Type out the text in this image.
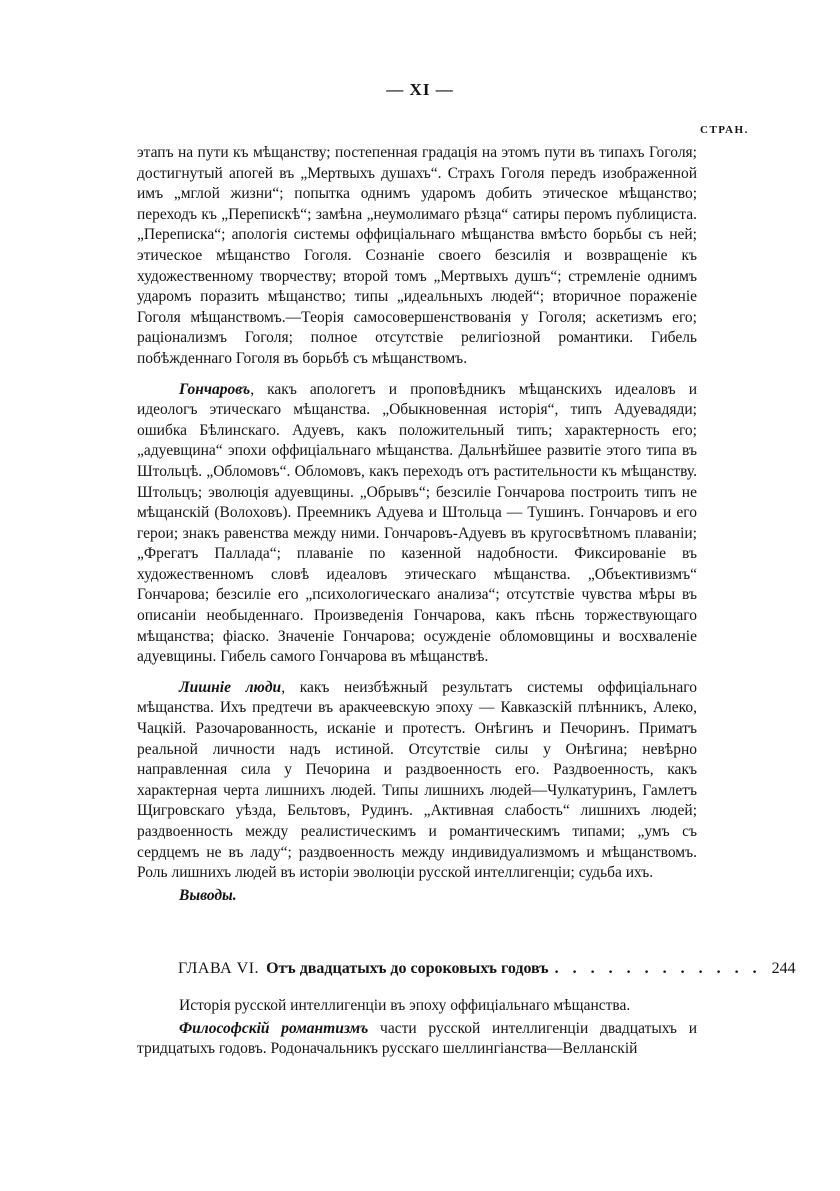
— XI —
СТРАН.

этапъ на пути къ мѣщанству; постепенная градація на этомъ пути въ типахъ Гоголя; достигнутый апогей въ „Мертвыхъ душахъ“. Страхъ Гоголя передъ изображенной имъ „мглой жизни“; попытка однимъ ударомъ добить этическое мѣщанство; переходъ къ „Перепискѣ“; замѣна „неумолимаго рѣзца“ сатиры перомъ публициста. „Переписка“; апологія системы оффиціальнаго мѣщанства вмѣсто борьбы съ ней; этическое мѣщанство Гоголя. Сознаніе своего безсилія и возвращеніе къ художественному творчеству; второй томъ „Мертвыхъ душъ“; стремленіе однимъ ударомъ поразить мѣщанство; типы „идеальныхъ людей“; вторичное пораженіе Гоголя мѣщанствомъ.—Теорія самосовершенствованія у Гоголя; аскетизмъ его; раціонализмъ Гоголя; полное отсутствіе религіозной романтики. Гибель побѣжденнаго Гоголя въ борьбѣ съ мѣщанствомъ.

Гончаровъ, какъ апологетъ и проповѣдникъ мѣщанскихъ идеаловъ и идеологъ этическаго мѣщанства. „Обыкновенная исторія“, типъ Адуевадяди; ошибка Бѣлинскаго. Адуевъ, какъ положительный типъ; характерность его; „адуевщина“ эпохи оффиціальнаго мѣщанства. Дальнѣйшее развитіе этого типа въ Штольцѣ. „Обломовъ“. Обломовъ, какъ переходъ отъ растительности къ мѣщанству. Штольцъ; эволюція адуевщины. „Обрывъ“; безсиліе Гончарова построить типъ не мѣщанскій (Волоховъ). Преемникъ Адуева и Штольца — Тушинъ. Гончаровъ и его герои; знакъ равенства между ними. Гончаровъ-Адуевъ въ кругосвѣтномъ плаваніи; „Фрегатъ Паллада“; плаваніе по казенной надобности. Фиксированіе въ художественномъ словѣ идеаловъ этическаго мѣщанства. „Объективизмъ“ Гончарова; безсиліе его „психологическаго анализа“; отсутствіе чувства мѣры въ описаніи необыденнаго. Произведенія Гончарова, какъ пѣснь торжествующаго мѣщанства; фіаско. Значеніе Гончарова; осужденіе обломовщины и восхваленіе адуевщины. Гибель самого Гончарова въ мѣщанствѣ.

Лишніе люди, какъ неизбѣжный результатъ системы оффиціальнаго мѣщанства. Ихъ предтечи въ аракчеевскую эпоху — Кавказскій плѣнникъ, Алеко, Чацкій. Разочарованность, исканіе и протестъ. Онѣгинъ и Печоринъ. Приматъ реальной личности надъ истиной. Отсутствіе силы у Онѣгина; невѣрно направленная сила у Печорина и раздвоенность его. Раздвоенность, какъ характерная черта лишнихъ людей. Типы лишнихъ людей—Чулкатуринъ, Гамлетъ Щигровскаго уѣзда, Бельтовъ, Рудинъ. „Активная слабость“ лишнихъ людей; раздвоенность между реалистическимъ и романтическимъ типами; „умъ съ сердцемъ не въ ладу“; раздвоенность между индивидуализмомъ и мѣщанствомъ. Роль лишнихъ людей въ исторіи эволюціи русской интеллигенціи; судьба ихъ.

Выводы.

ГЛАВА VI. Отъ двадцатыхъ до сороковыхъ годовъ . . . . . . . . . . . . 244

Исторія русской интеллигенціи въ эпоху оффиціальнаго мѣщанства.

Философскій романтизмъ части русской интеллигенціи двадцатыхъ и тридцатыхъ годовъ. Родоначальникъ русскаго шеллингіанства—Велланскій
